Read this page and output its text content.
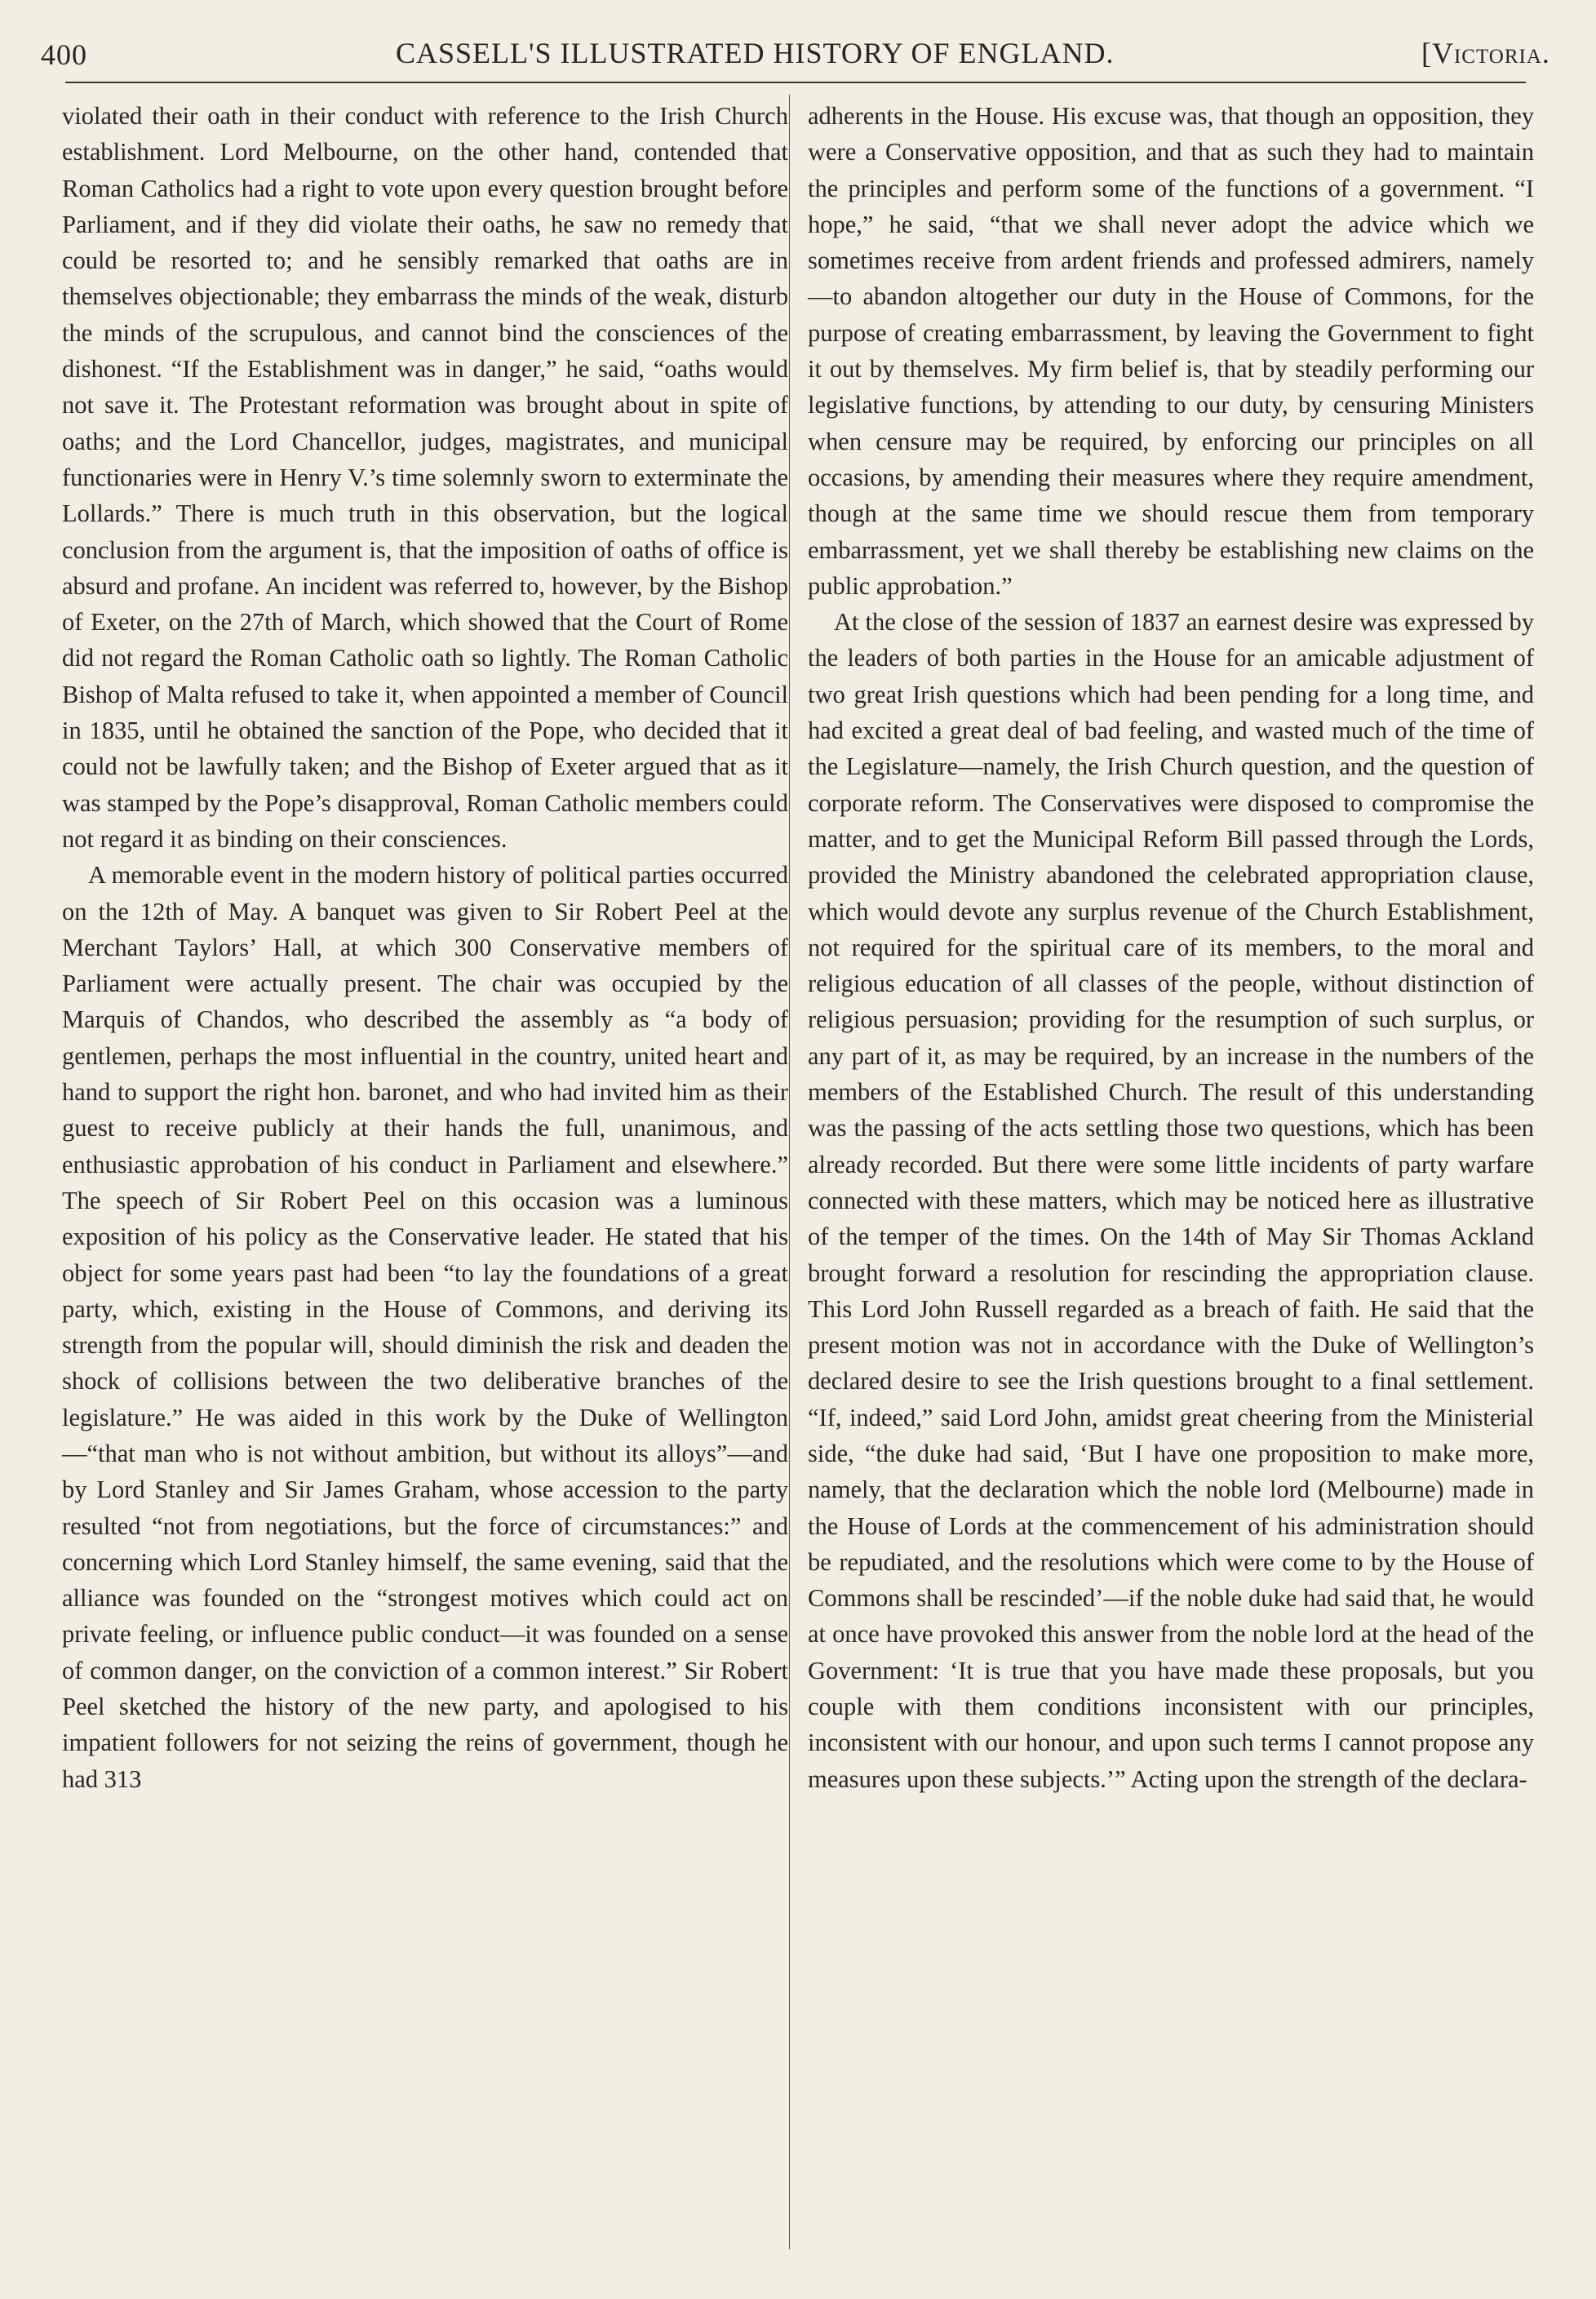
400	CASSELL'S ILLUSTRATED HISTORY OF ENGLAND.	[Victoria.

violated their oath in their conduct with reference to the Irish Church establishment. Lord Melbourne, on the other hand, contended that Roman Catholics had a right to vote upon every question brought before Parliament, and if they did violate their oaths, he saw no remedy that could be resorted to; and he sensibly remarked that oaths are in themselves objectionable; they embarrass the minds of the weak, disturb the minds of the scrupulous, and cannot bind the consciences of the dishonest. “If the Establishment was in danger,” he said, “oaths would not save it. The Protestant reformation was brought about in spite of oaths; and the Lord Chancellor, judges, magistrates, and municipal functionaries were in Henry V.’s time solemnly sworn to exterminate the Lollards.” There is much truth in this observation, but the logical conclusion from the argument is, that the imposition of oaths of office is absurd and profane. An incident was referred to, however, by the Bishop of Exeter, on the 27th of March, which showed that the Court of Rome did not regard the Roman Catholic oath so lightly. The Roman Catholic Bishop of Malta refused to take it, when appointed a member of Council in 1835, until he obtained the sanction of the Pope, who decided that it could not be lawfully taken; and the Bishop of Exeter argued that as it was stamped by the Pope’s disapproval, Roman Catholic members could not regard it as binding on their consciences.

A memorable event in the modern history of political parties occurred on the 12th of May. A banquet was given to Sir Robert Peel at the Merchant Taylors’ Hall, at which 300 Conservative members of Parliament were actually present. The chair was occupied by the Marquis of Chandos, who described the assembly as “a body of gentlemen, perhaps the most influential in the country, united heart and hand to support the right hon. baronet, and who had invited him as their guest to receive publicly at their hands the full, unanimous, and enthusiastic approbation of his conduct in Parliament and elsewhere.” The speech of Sir Robert Peel on this occasion was a luminous exposition of his policy as the Conservative leader. He stated that his object for some years past had been “to lay the foundations of a great party, which, existing in the House of Commons, and deriving its strength from the popular will, should diminish the risk and deaden the shock of collisions between the two deliberative branches of the legislature.” He was aided in this work by the Duke of Wellington—“that man who is not without ambition, but without its alloys”—and by Lord Stanley and Sir James Graham, whose accession to the party resulted “not from negotiations, but the force of circumstances:” and concerning which Lord Stanley himself, the same evening, said that the alliance was founded on the “strongest motives which could act on private feeling, or influence public conduct—it was founded on a sense of common danger, on the conviction of a common interest.” Sir Robert Peel sketched the history of the new party, and apologised to his impatient followers for not seizing the reins of government, though he had 313

adherents in the House. His excuse was, that though an opposition, they were a Conservative opposition, and that as such they had to maintain the principles and perform some of the functions of a government. “I hope,” he said, “that we shall never adopt the advice which we sometimes receive from ardent friends and professed admirers, namely—to abandon altogether our duty in the House of Commons, for the purpose of creating embarrassment, by leaving the Government to fight it out by themselves. My firm belief is, that by steadily performing our legislative functions, by attending to our duty, by censuring Ministers when censure may be required, by enforcing our principles on all occasions, by amending their measures where they require amendment, though at the same time we should rescue them from temporary embarrassment, yet we shall thereby be establishing new claims on the public approbation.”

At the close of the session of 1837 an earnest desire was expressed by the leaders of both parties in the House for an amicable adjustment of two great Irish questions which had been pending for a long time, and had excited a great deal of bad feeling, and wasted much of the time of the Legislature—namely, the Irish Church question, and the question of corporate reform. The Conservatives were disposed to compromise the matter, and to get the Municipal Reform Bill passed through the Lords, provided the Ministry abandoned the celebrated appropriation clause, which would devote any surplus revenue of the Church Establishment, not required for the spiritual care of its members, to the moral and religious education of all classes of the people, without distinction of religious persuasion; providing for the resumption of such surplus, or any part of it, as may be required, by an increase in the numbers of the members of the Established Church. The result of this understanding was the passing of the acts settling those two questions, which has been already recorded. But there were some little incidents of party warfare connected with these matters, which may be noticed here as illustrative of the temper of the times. On the 14th of May Sir Thomas Ackland brought forward a resolution for rescinding the appropriation clause. This Lord John Russell regarded as a breach of faith. He said that the present motion was not in accordance with the Duke of Wellington’s declared desire to see the Irish questions brought to a final settlement. “If, indeed,” said Lord John, amidst great cheering from the Ministerial side, “the duke had said, ‘But I have one proposition to make more, namely, that the declaration which the noble lord (Melbourne) made in the House of Lords at the commencement of his administration should be repudiated, and the resolutions which were come to by the House of Commons shall be rescinded’—if the noble duke had said that, he would at once have provoked this answer from the noble lord at the head of the Government: ‘It is true that you have made these proposals, but you couple with them conditions inconsistent with our principles, inconsistent with our honour, and upon such terms I cannot propose any measures upon these subjects.’” Acting upon the strength of the declara-
